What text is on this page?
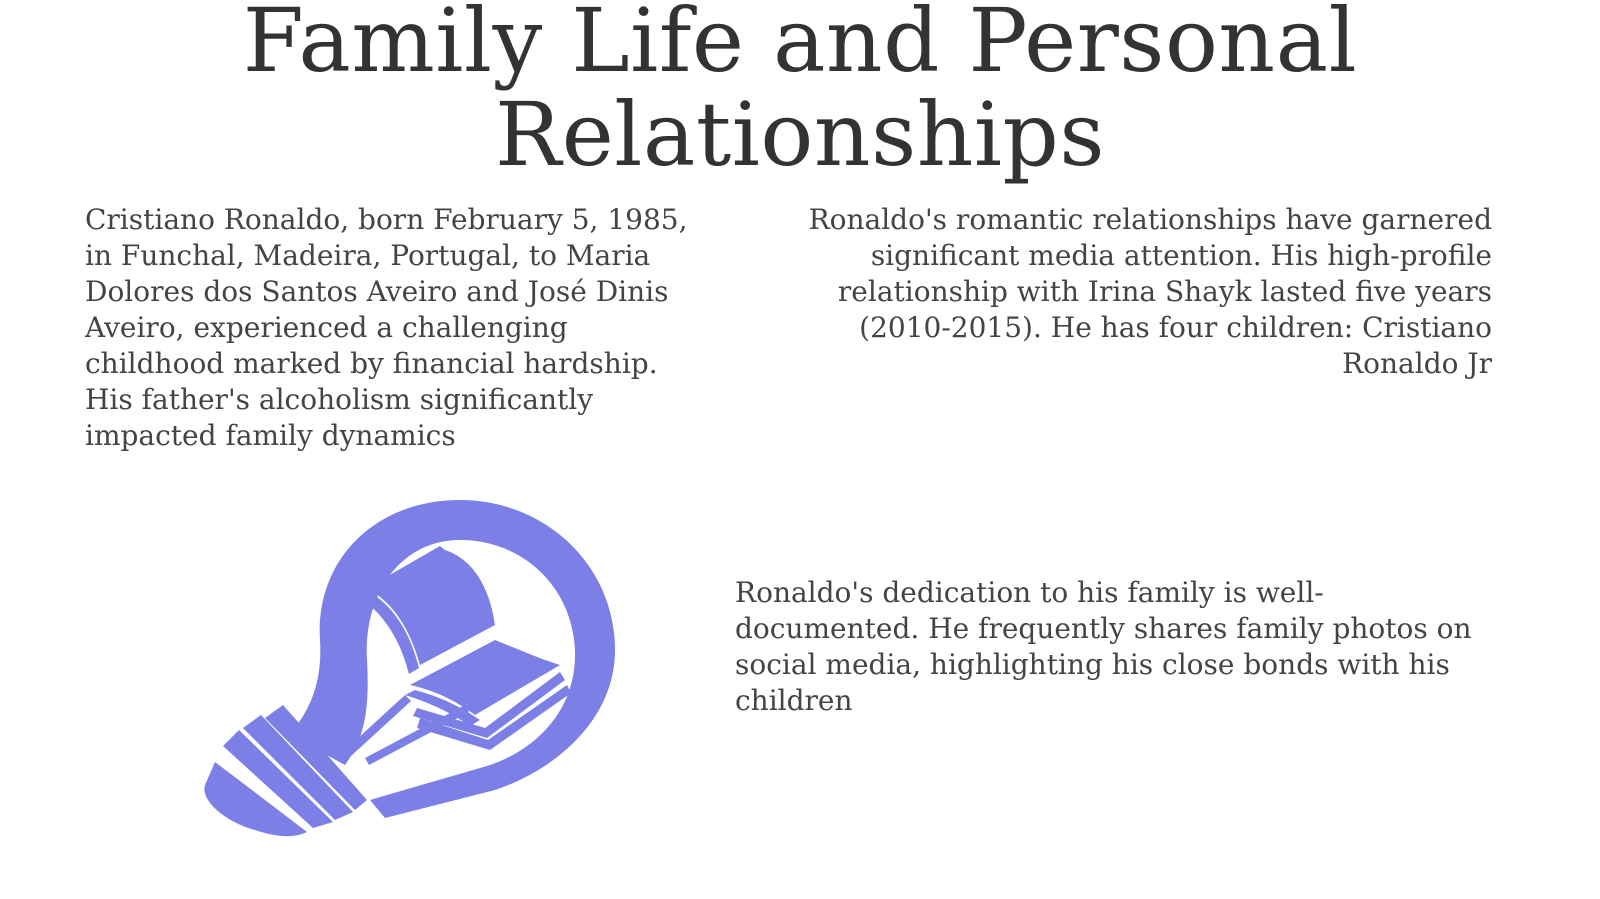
Family Life and Personal
Relationships

Cristiano Ronaldo, born February 5, 1985, in Funchal, Madeira, Portugal, to Maria Dolores dos Santos Aveiro and José Dinis Aveiro, experienced a challenging childhood marked by financial hardship. His father's alcoholism significantly impacted family dynamics

Ronaldo's romantic relationships have garnered significant media attention. His high-profile relationship with Irina Shayk lasted five years (2010-2015). He has four children: Cristiano Ronaldo Jr

Ronaldo's dedication to his family is well-documented. He frequently shares family photos on social media, highlighting his close bonds with his children
